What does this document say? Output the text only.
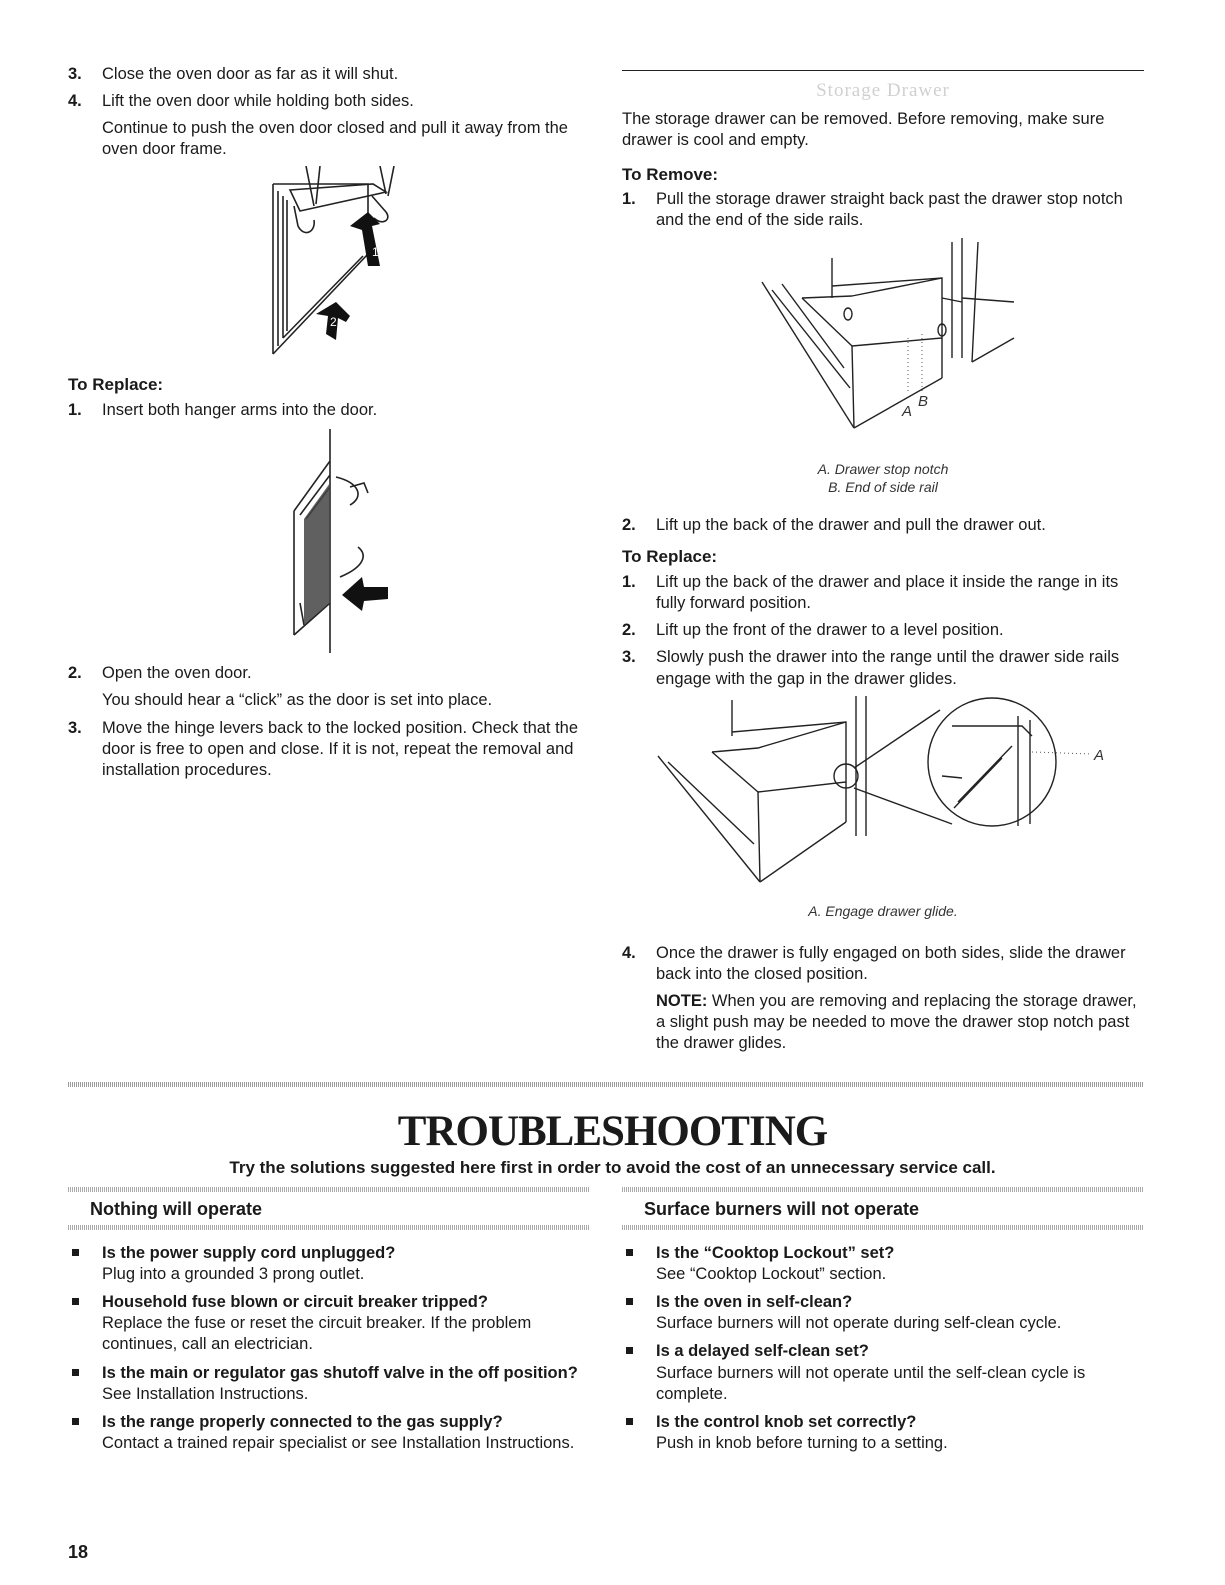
3. Close the oven door as far as it will shut.

4. Lift the oven door while holding both sides.

Continue to push the oven door closed and pull it away from the oven door frame.

1
2
To Replace:
1. Insert both hanger arms into the door.

2. Open the oven door.

You should hear a “click” as the door is set into place.

3. Move the hinge levers back to the locked position. Check that the door is free to open and close. If it is not, repeat the removal and installation procedures.

Storage Drawer

The storage drawer can be removed. Before removing, make sure drawer is cool and empty.

To Remove:
1. Pull the storage drawer straight back past the drawer stop notch and the end of the side rails.

A
B
A. Drawer stop notch
B. End of side rail
2. Lift up the back of the drawer and pull the drawer out.

To Replace:
1. Lift up the back of the drawer and place it inside the range in its fully forward position.

2. Lift up the front of the drawer to a level position.

3. Slowly push the drawer into the range until the drawer side rails engage with the gap in the drawer glides.

A
A. Engage drawer glide.
4. Once the drawer is fully engaged on both sides, slide the drawer back into the closed position.

NOTE: When you are removing and replacing the storage drawer, a slight push may be needed to move the drawer stop notch past the drawer glides.

TROUBLESHOOTING
Try the solutions suggested here first in order to avoid the cost of an unnecessary service call.
Nothing will operate

Is the power supply cord unplugged?

Plug into a grounded 3 prong outlet.

Household fuse blown or circuit breaker tripped?

Replace the fuse or reset the circuit breaker. If the problem continues, call an electrician.

Is the main or regulator gas shutoff valve in the off position?

See Installation Instructions.

Is the range properly connected to the gas supply?

Contact a trained repair specialist or see Installation Instructions.

Surface burners will not operate

Is the “Cooktop Lockout” set?

See “Cooktop Lockout” section.

Is the oven in self-clean?

Surface burners will not operate during self-clean cycle.

Is a delayed self-clean set?

Surface burners will not operate until the self-clean cycle is complete.

Is the control knob set correctly?

Push in knob before turning to a setting.

18
